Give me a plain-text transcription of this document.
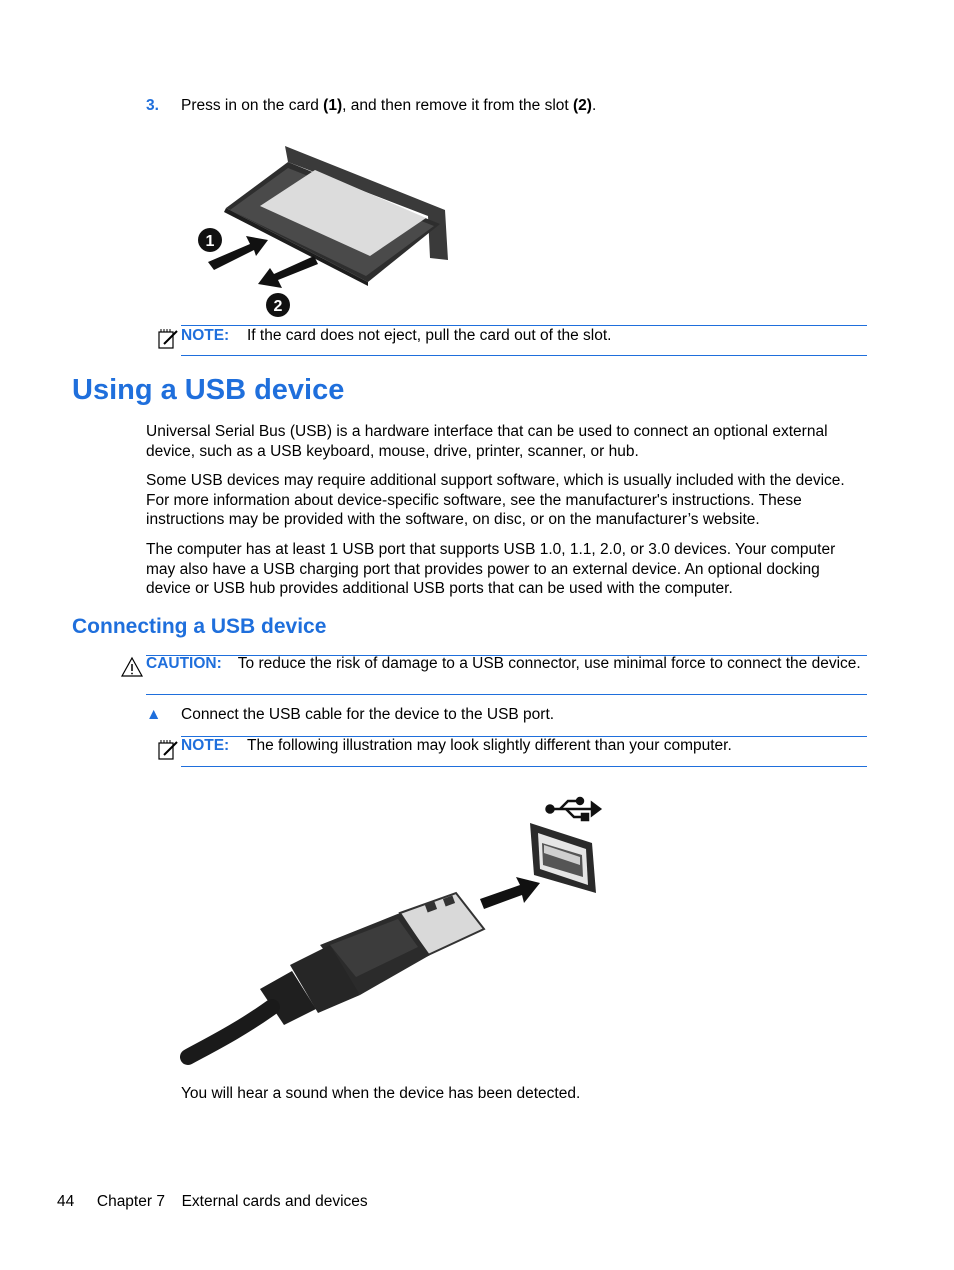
3. Press in on the card (1), and then remove it from the slot (2).
1
2
NOTE: If the card does not eject, pull the card out of the slot.
Using a USB device
Universal Serial Bus (USB) is a hardware interface that can be used to connect an optional external device, such as a USB keyboard, mouse, drive, printer, scanner, or hub.
Some USB devices may require additional support software, which is usually included with the device. For more information about device-specific software, see the manufacturer's instructions. These instructions may be provided with the software, on disc, or on the manufacturer’s website.
The computer has at least 1 USB port that supports USB 1.0, 1.1, 2.0, or 3.0 devices. Your computer may also have a USB charging port that provides power to an external device. An optional docking device or USB hub provides additional USB ports that can be used with the computer.
Connecting a USB device
CAUTION: To reduce the risk of damage to a USB connector, use minimal force to connect the device.
▲ Connect the USB cable for the device to the USB port.
NOTE: The following illustration may look slightly different than your computer.
You will hear a sound when the device has been detected.
44 Chapter 7 External cards and devices
